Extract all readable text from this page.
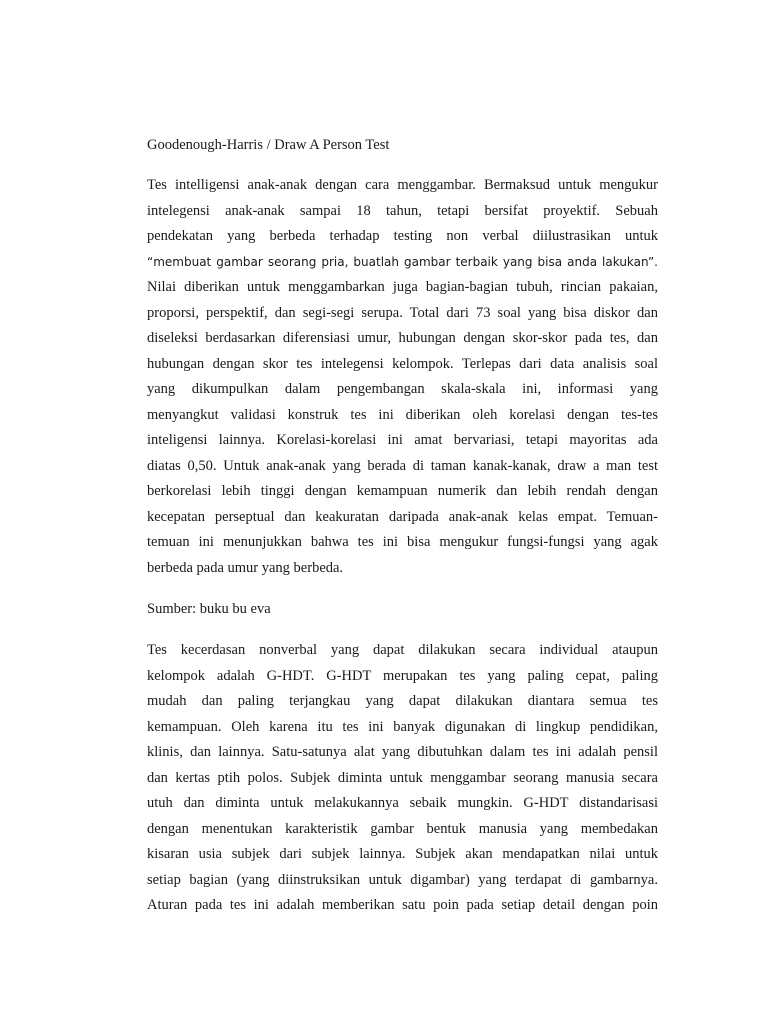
Goodenough-Harris / Draw A Person Test

Tes intelligensi anak-anak dengan cara menggambar. Bermaksud untuk mengukur
intelegensi anak-anak sampai 18 tahun, tetapi bersifat proyektif. Sebuah
pendekatan yang berbeda terhadap testing non verbal diilustrasikan untuk
“membuat gambar seorang pria, buatlah gambar terbaik yang bisa anda lakukan”.
Nilai diberikan untuk menggambarkan juga bagian-bagian tubuh, rincian pakaian,
proporsi, perspektif, dan segi-segi serupa. Total dari 73 soal yang bisa diskor dan
diseleksi berdasarkan diferensiasi umur, hubungan dengan skor-skor pada tes, dan
hubungan dengan skor tes intelegensi kelompok. Terlepas dari data analisis soal
yang dikumpulkan dalam pengembangan skala-skala ini, informasi yang
menyangkut validasi konstruk tes ini diberikan oleh korelasi dengan tes-tes
inteligensi lainnya. Korelasi-korelasi ini amat bervariasi, tetapi mayoritas ada
diatas 0,50. Untuk anak-anak yang berada di taman kanak-kanak, draw a man test
berkorelasi lebih tinggi dengan kemampuan numerik dan lebih rendah dengan
kecepatan perseptual dan keakuratan daripada anak-anak kelas empat. Temuan-
temuan ini menunjukkan bahwa tes ini bisa mengukur fungsi-fungsi yang agak
berbeda pada umur yang berbeda.

Sumber: buku bu eva

Tes kecerdasan nonverbal yang dapat dilakukan secara individual ataupun
kelompok adalah G-HDT. G-HDT merupakan tes yang paling cepat, paling
mudah dan paling terjangkau yang dapat dilakukan diantara semua tes
kemampuan. Oleh karena itu tes ini banyak digunakan di lingkup pendidikan,
klinis, dan lainnya. Satu-satunya alat yang dibutuhkan dalam tes ini adalah pensil
dan kertas ptih polos. Subjek diminta untuk menggambar seorang manusia secara
utuh dan diminta untuk melakukannya sebaik mungkin. G-HDT distandarisasi
dengan menentukan karakteristik gambar bentuk manusia yang membedakan
kisaran usia subjek dari subjek lainnya. Subjek akan mendapatkan nilai untuk
setiap bagian (yang diinstruksikan untuk digambar) yang terdapat di gambarnya.
Aturan pada tes ini adalah memberikan satu poin pada setiap detail dengan poin
